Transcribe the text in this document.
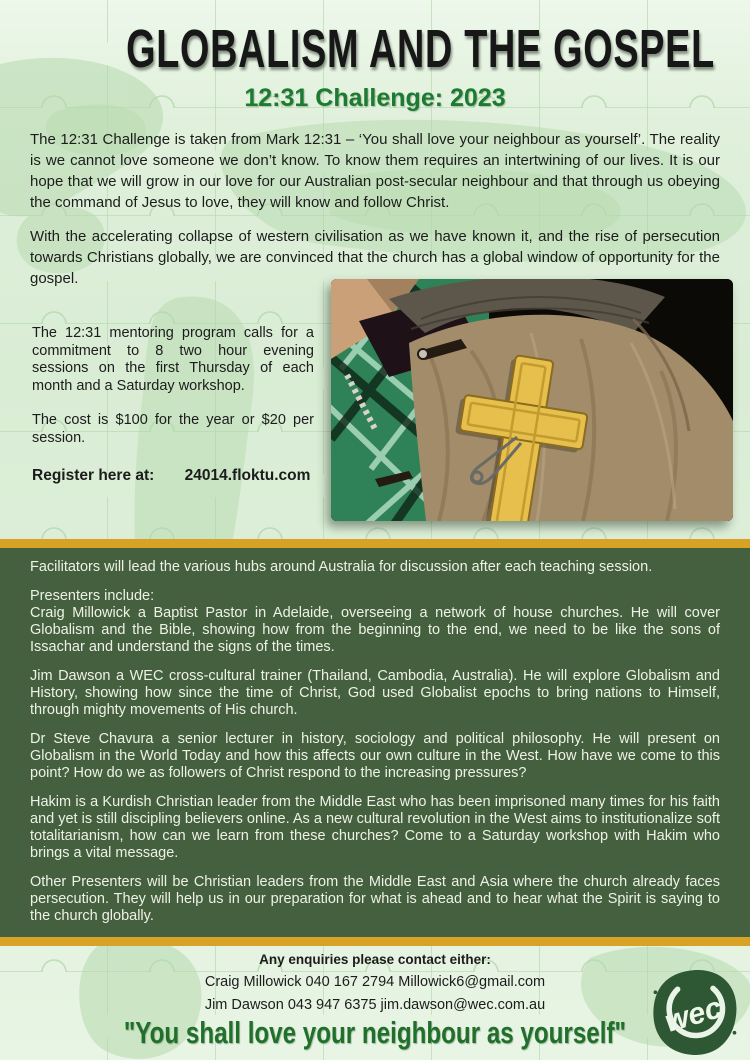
GLOBALISM AND THE GOSPEL
12:31 Challenge: 2023

The 12:31 Challenge is taken from Mark 12:31 – ‘You shall love your neighbour as yourself’. The reality is we cannot love someone we don’t know. To know them requires an intertwining of our lives. It is our hope that we will grow in our love for our Australian post-secular neighbour and that through us obeying the command of Jesus to love, they will know and follow Christ.

With the accelerating collapse of western civilisation as we have known it, and the rise of persecution towards Christians globally, we are convinced that the church has a global window of opportunity for the gospel.

The 12:31 mentoring program calls for a commitment to 8 two hour evening sessions on the first Thursday of each month and a Saturday workshop.

The cost is $100 for the year or $20 per session.

Register here at: 24014.floktu.com

Facilitators will lead the various hubs around Australia for discussion after each teaching session.

Presenters include:

Craig Millowick a Baptist Pastor in Adelaide, overseeing a network of house churches. He will cover Globalism and the Bible, showing how from the beginning to the end, we need to be like the sons of Issachar and understand the signs of the times.

Jim Dawson a WEC cross-cultural trainer (Thailand, Cambodia, Australia). He will explore Globalism and History, showing how since the time of Christ, God used Globalist epochs to bring nations to Himself, through mighty movements of His church.

Dr Steve Chavura a senior lecturer in history, sociology and political philosophy. He will present on Globalism in the World Today and how this affects our own culture in the West. How have we come to this point? How do we as followers of Christ respond to the increasing pressures?

Hakim is a Kurdish Christian leader from the Middle East who has been imprisoned many times for his faith and yet is still discipling believers online. As a new cultural revolution in the West aims to institutionalize soft totalitarianism, how can we learn from these churches? Come to a Saturday workshop with Hakim who brings a vital message.

Other Presenters will be Christian leaders from the Middle East and Asia where the church already faces persecution. They will help us in our preparation for what is ahead and to hear what the Spirit is saying to the church globally.

Any enquiries please contact either:

Craig Millowick 040 167 2794 Millowick6@gmail.com

Jim Dawson 043 947 6375 jim.dawson@wec.com.au

"You shall love your neighbour as yourself"	wec
